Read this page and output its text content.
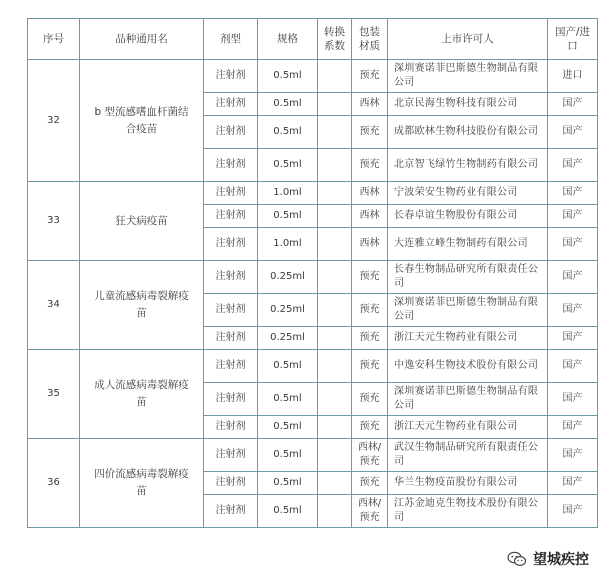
序号	品种通用名	剂型	规格	转换系数	包装材质	上市许可人	国产/进口
32	b 型流感嗜血杆菌结合疫苗	注射剂	0.5ml		预充	深圳赛诺菲巴斯德生物制品有限公司	进口
		注射剂	0.5ml		西林	北京民海生物科技有限公司	国产
		注射剂	0.5ml		预充	成都欧林生物科技股份有限公司	国产
		注射剂	0.5ml		预充	北京智飞绿竹生物制药有限公司	国产
33	狂犬病疫苗	注射剂	1.0ml		西林	宁波荣安生物药业有限公司	国产
		注射剂	0.5ml		西林	长春卓谊生物股份有限公司	国产
		注射剂	1.0ml		西林	大连雅立峰生物制药有限公司	国产
34	儿童流感病毒裂解疫苗	注射剂	0.25ml		预充	长春生物制品研究所有限责任公司	国产
		注射剂	0.25ml		预充	深圳赛诺菲巴斯德生物制品有限公司	国产
		注射剂	0.25ml		预充	浙江天元生物药业有限公司	国产
35	成人流感病毒裂解疫苗	注射剂	0.5ml		预充	中逸安科生物技术股份有限公司	国产
		注射剂	0.5ml		预充	深圳赛诺菲巴斯德生物制品有限公司	国产
		注射剂	0.5ml		预充	浙江天元生物药业有限公司	国产
36	四价流感病毒裂解疫苗	注射剂	0.5ml		西林/预充	武汉生物制品研究所有限责任公司	国产
		注射剂	0.5ml		预充	华兰生物疫苗股份有限公司	国产
		注射剂	0.5ml		西林/预充	江苏金迪克生物技术股份有限公司	国产
望城疾控
